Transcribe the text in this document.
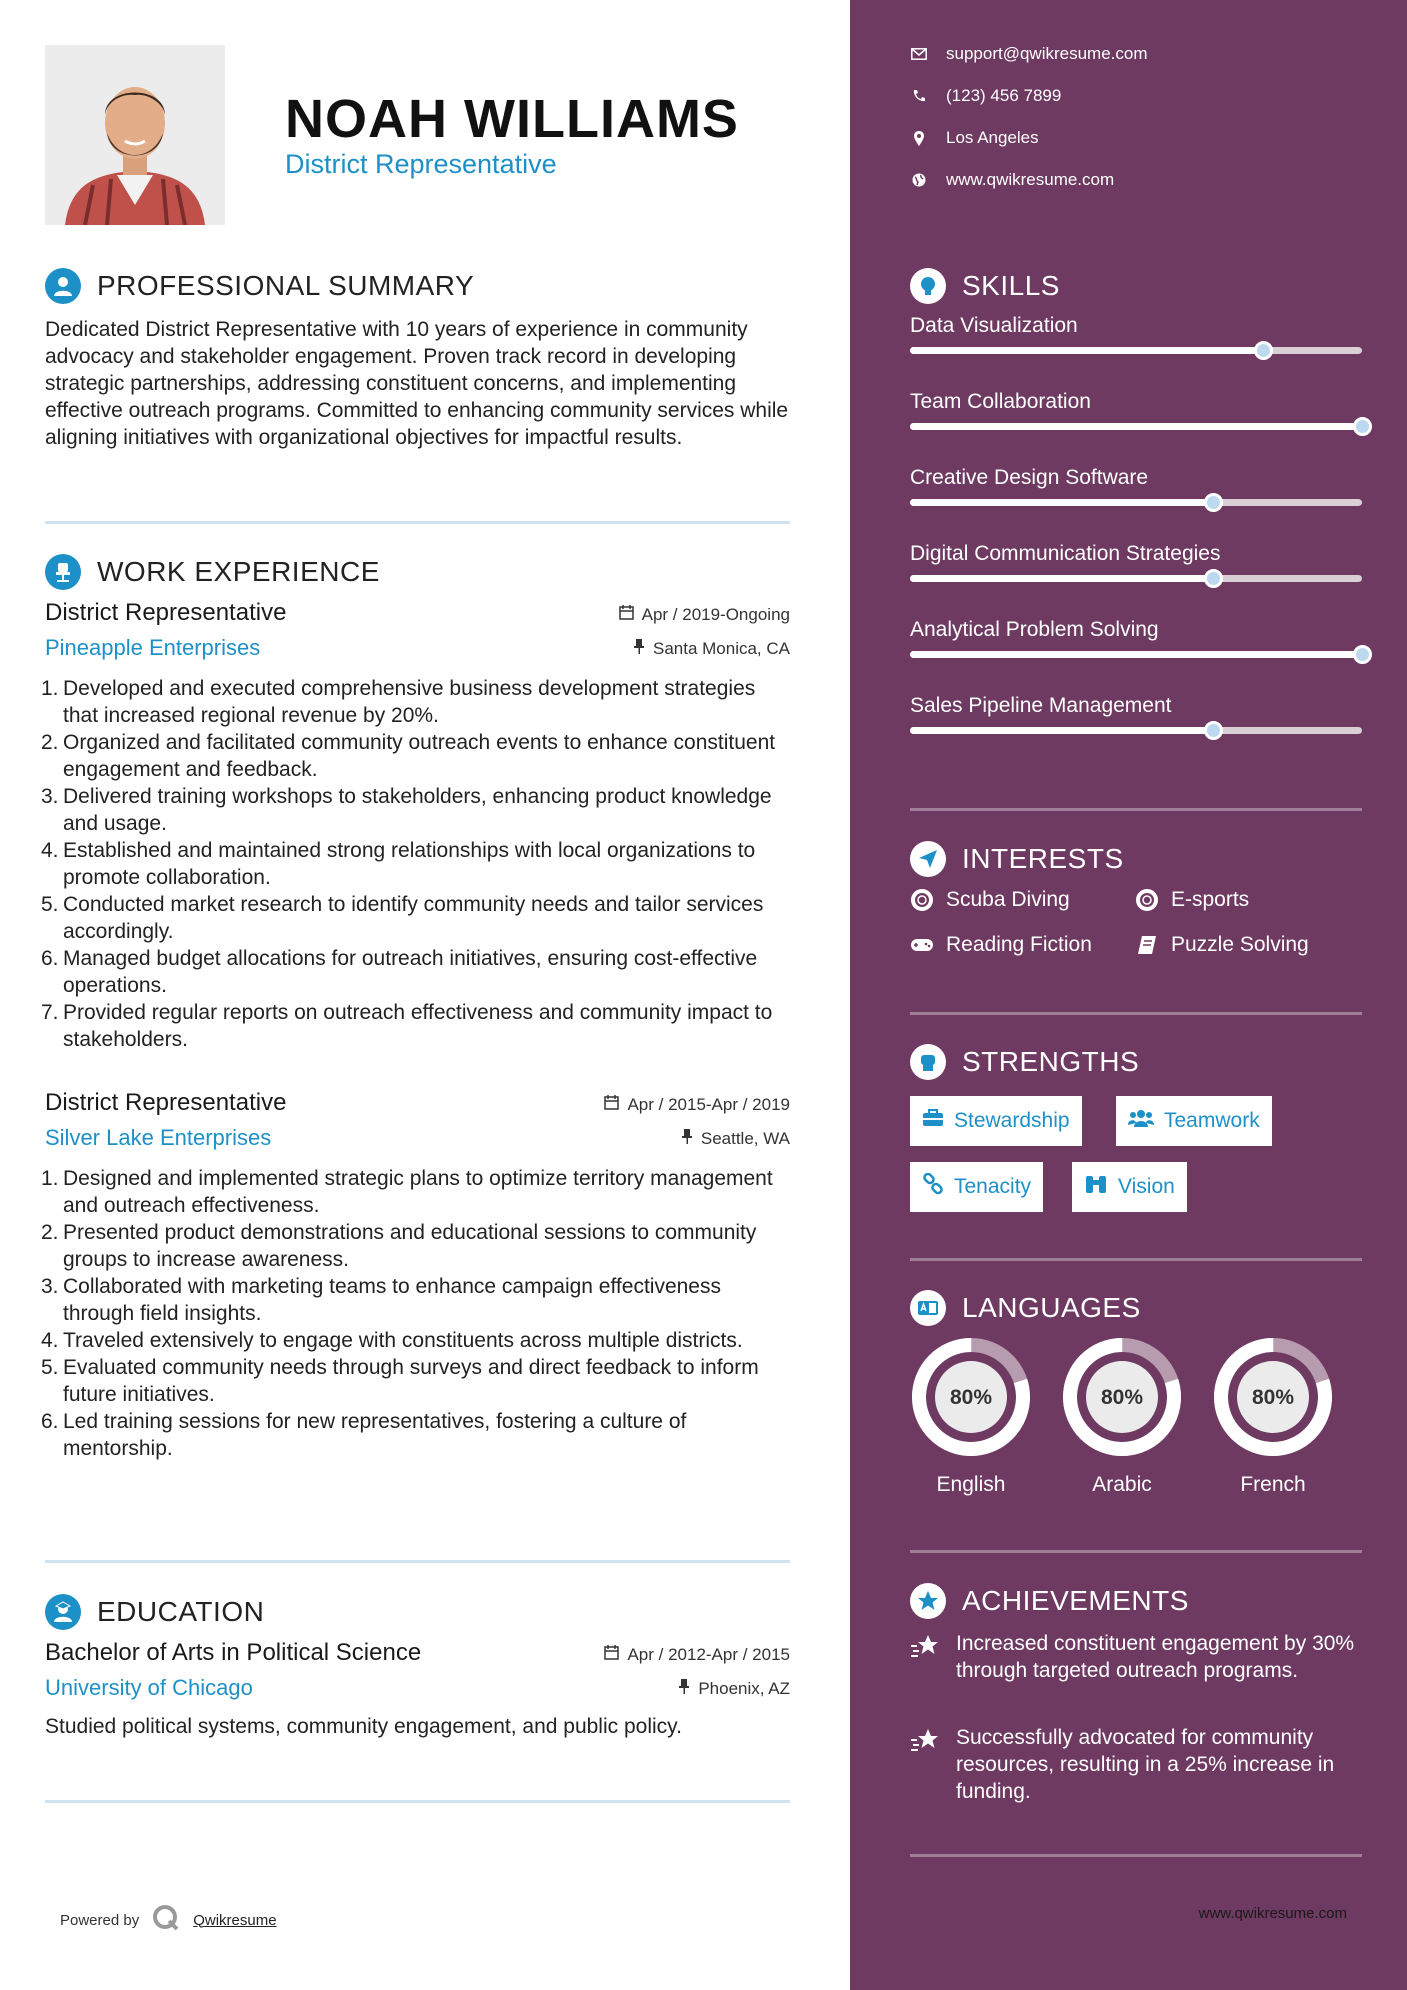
NOAH WILLIAMS
District Representative
PROFESSIONAL SUMMARY
Dedicated District Representative with 10 years of experience in community advocacy and stakeholder engagement. Proven track record in developing strategic partnerships, addressing constituent concerns, and implementing effective outreach programs. Committed to enhancing community services while aligning initiatives with organizational objectives for impactful results.
WORK EXPERIENCE
District Representative	Apr / 2019-Ongoing
Pineapple Enterprises	Santa Monica, CA
1. Developed and executed comprehensive business development strategies that increased regional revenue by 20%.
2. Organized and facilitated community outreach events to enhance constituent engagement and feedback.
3. Delivered training workshops to stakeholders, enhancing product knowledge and usage.
4. Established and maintained strong relationships with local organizations to promote collaboration.
5. Conducted market research to identify community needs and tailor services accordingly.
6. Managed budget allocations for outreach initiatives, ensuring cost-effective operations.
7. Provided regular reports on outreach effectiveness and community impact to stakeholders.
District Representative	Apr / 2015-Apr / 2019
Silver Lake Enterprises	Seattle, WA
1. Designed and implemented strategic plans to optimize territory management and outreach effectiveness.
2. Presented product demonstrations and educational sessions to community groups to increase awareness.
3. Collaborated with marketing teams to enhance campaign effectiveness through field insights.
4. Traveled extensively to engage with constituents across multiple districts.
5. Evaluated community needs through surveys and direct feedback to inform future initiatives.
6. Led training sessions for new representatives, fostering a culture of mentorship.
EDUCATION
Bachelor of Arts in Political Science	Apr / 2012-Apr / 2015
University of Chicago	Phoenix, AZ
Studied political systems, community engagement, and public policy.
Powered by	Qwikresume
support@qwikresume.com
(123) 456 7899
Los Angeles
www.qwikresume.com
SKILLS
Data Visualization
Team Collaboration
Creative Design Software
Digital Communication Strategies
Analytical Problem Solving
Sales Pipeline Management
INTERESTS
Scuba Diving	E-sports
Reading Fiction	Puzzle Solving
STRENGTHS
Stewardship	Teamwork
Tenacity	Vision
LANGUAGES
80%
English
80%
Arabic
80%
French
ACHIEVEMENTS
Increased constituent engagement by 30% through targeted outreach programs.
Successfully advocated for community resources, resulting in a 25% increase in funding.
www.qwikresume.com
